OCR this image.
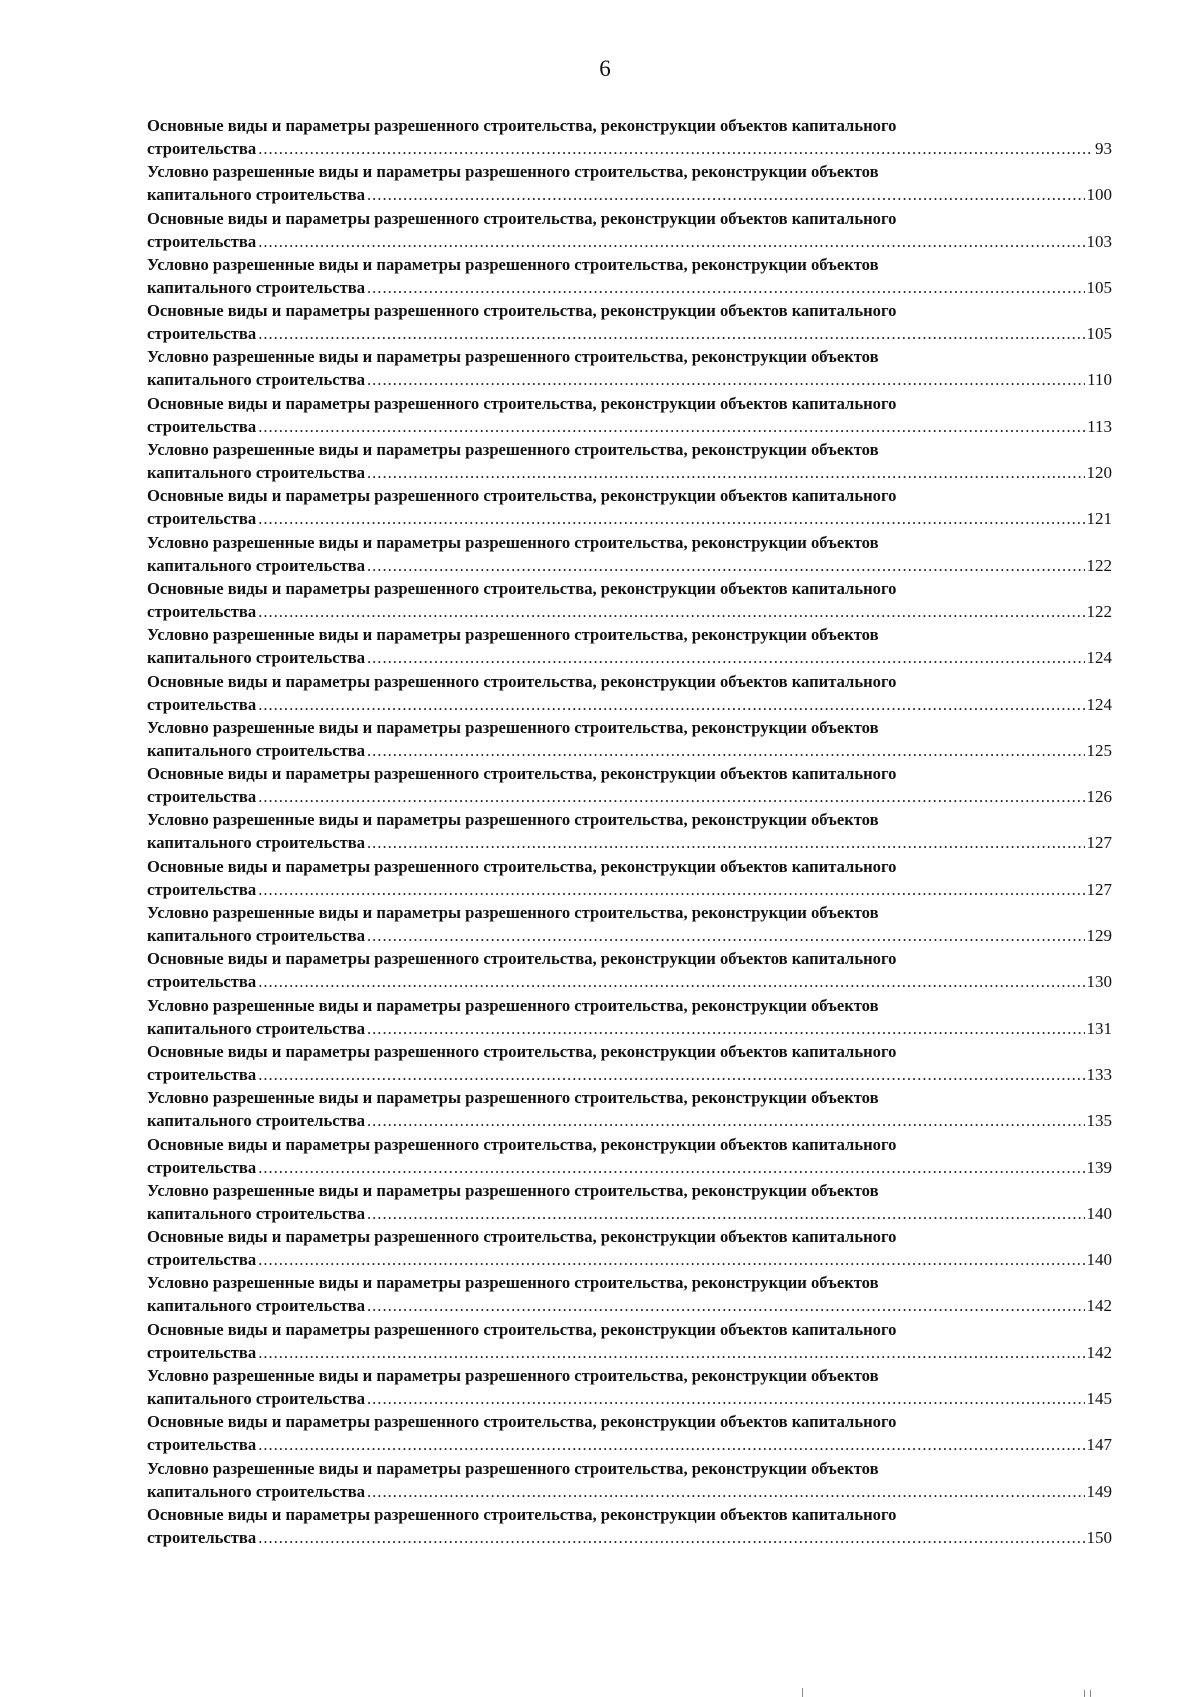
6
Основные виды и параметры разрешенного строительства, реконструкции объектов капитального
строительства .....	93
Условно разрешенные виды и параметры разрешенного строительства, реконструкции объектов
капитального строительства .....	100
Основные виды и параметры разрешенного строительства, реконструкции объектов капитального
строительства .....	103
Условно разрешенные виды и параметры разрешенного строительства, реконструкции объектов
капитального строительства .....	105
Основные виды и параметры разрешенного строительства, реконструкции объектов капитального
строительства .....	105
Условно разрешенные виды и параметры разрешенного строительства, реконструкции объектов
капитального строительства .....	110
Основные виды и параметры разрешенного строительства, реконструкции объектов капитального
строительства .....	113
Условно разрешенные виды и параметры разрешенного строительства, реконструкции объектов
капитального строительства .....	120
Основные виды и параметры разрешенного строительства, реконструкции объектов капитального
строительства .....	121
Условно разрешенные виды и параметры разрешенного строительства, реконструкции объектов
капитального строительства .....	122
Основные виды и параметры разрешенного строительства, реконструкции объектов капитального
строительства .....	122
Условно разрешенные виды и параметры разрешенного строительства, реконструкции объектов
капитального строительства .....	124
Основные виды и параметры разрешенного строительства, реконструкции объектов капитального
строительства .....	124
Условно разрешенные виды и параметры разрешенного строительства, реконструкции объектов
капитального строительства .....	125
Основные виды и параметры разрешенного строительства, реконструкции объектов капитального
строительства .....	126
Условно разрешенные виды и параметры разрешенного строительства, реконструкции объектов
капитального строительства .....	127
Основные виды и параметры разрешенного строительства, реконструкции объектов капитального
строительства .....	127
Условно разрешенные виды и параметры разрешенного строительства, реконструкции объектов
капитального строительства .....	129
Основные виды и параметры разрешенного строительства, реконструкции объектов капитального
строительства .....	130
Условно разрешенные виды и параметры разрешенного строительства, реконструкции объектов
капитального строительства .....	131
Основные виды и параметры разрешенного строительства, реконструкции объектов капитального
строительства .....	133
Условно разрешенные виды и параметры разрешенного строительства, реконструкции объектов
капитального строительства .....	135
Основные виды и параметры разрешенного строительства, реконструкции объектов капитального
строительства .....	139
Условно разрешенные виды и параметры разрешенного строительства, реконструкции объектов
капитального строительства .....	140
Основные виды и параметры разрешенного строительства, реконструкции объектов капитального
строительства .....	140
Условно разрешенные виды и параметры разрешенного строительства, реконструкции объектов
капитального строительства .....	142
Основные виды и параметры разрешенного строительства, реконструкции объектов капитального
строительства .....	142
Условно разрешенные виды и параметры разрешенного строительства, реконструкции объектов
капитального строительства .....	145
Основные виды и параметры разрешенного строительства, реконструкции объектов капитального
строительства .....	147
Условно разрешенные виды и параметры разрешенного строительства, реконструкции объектов
капитального строительства .....	149
Основные виды и параметры разрешенного строительства, реконструкции объектов капитального
строительства .....	150
